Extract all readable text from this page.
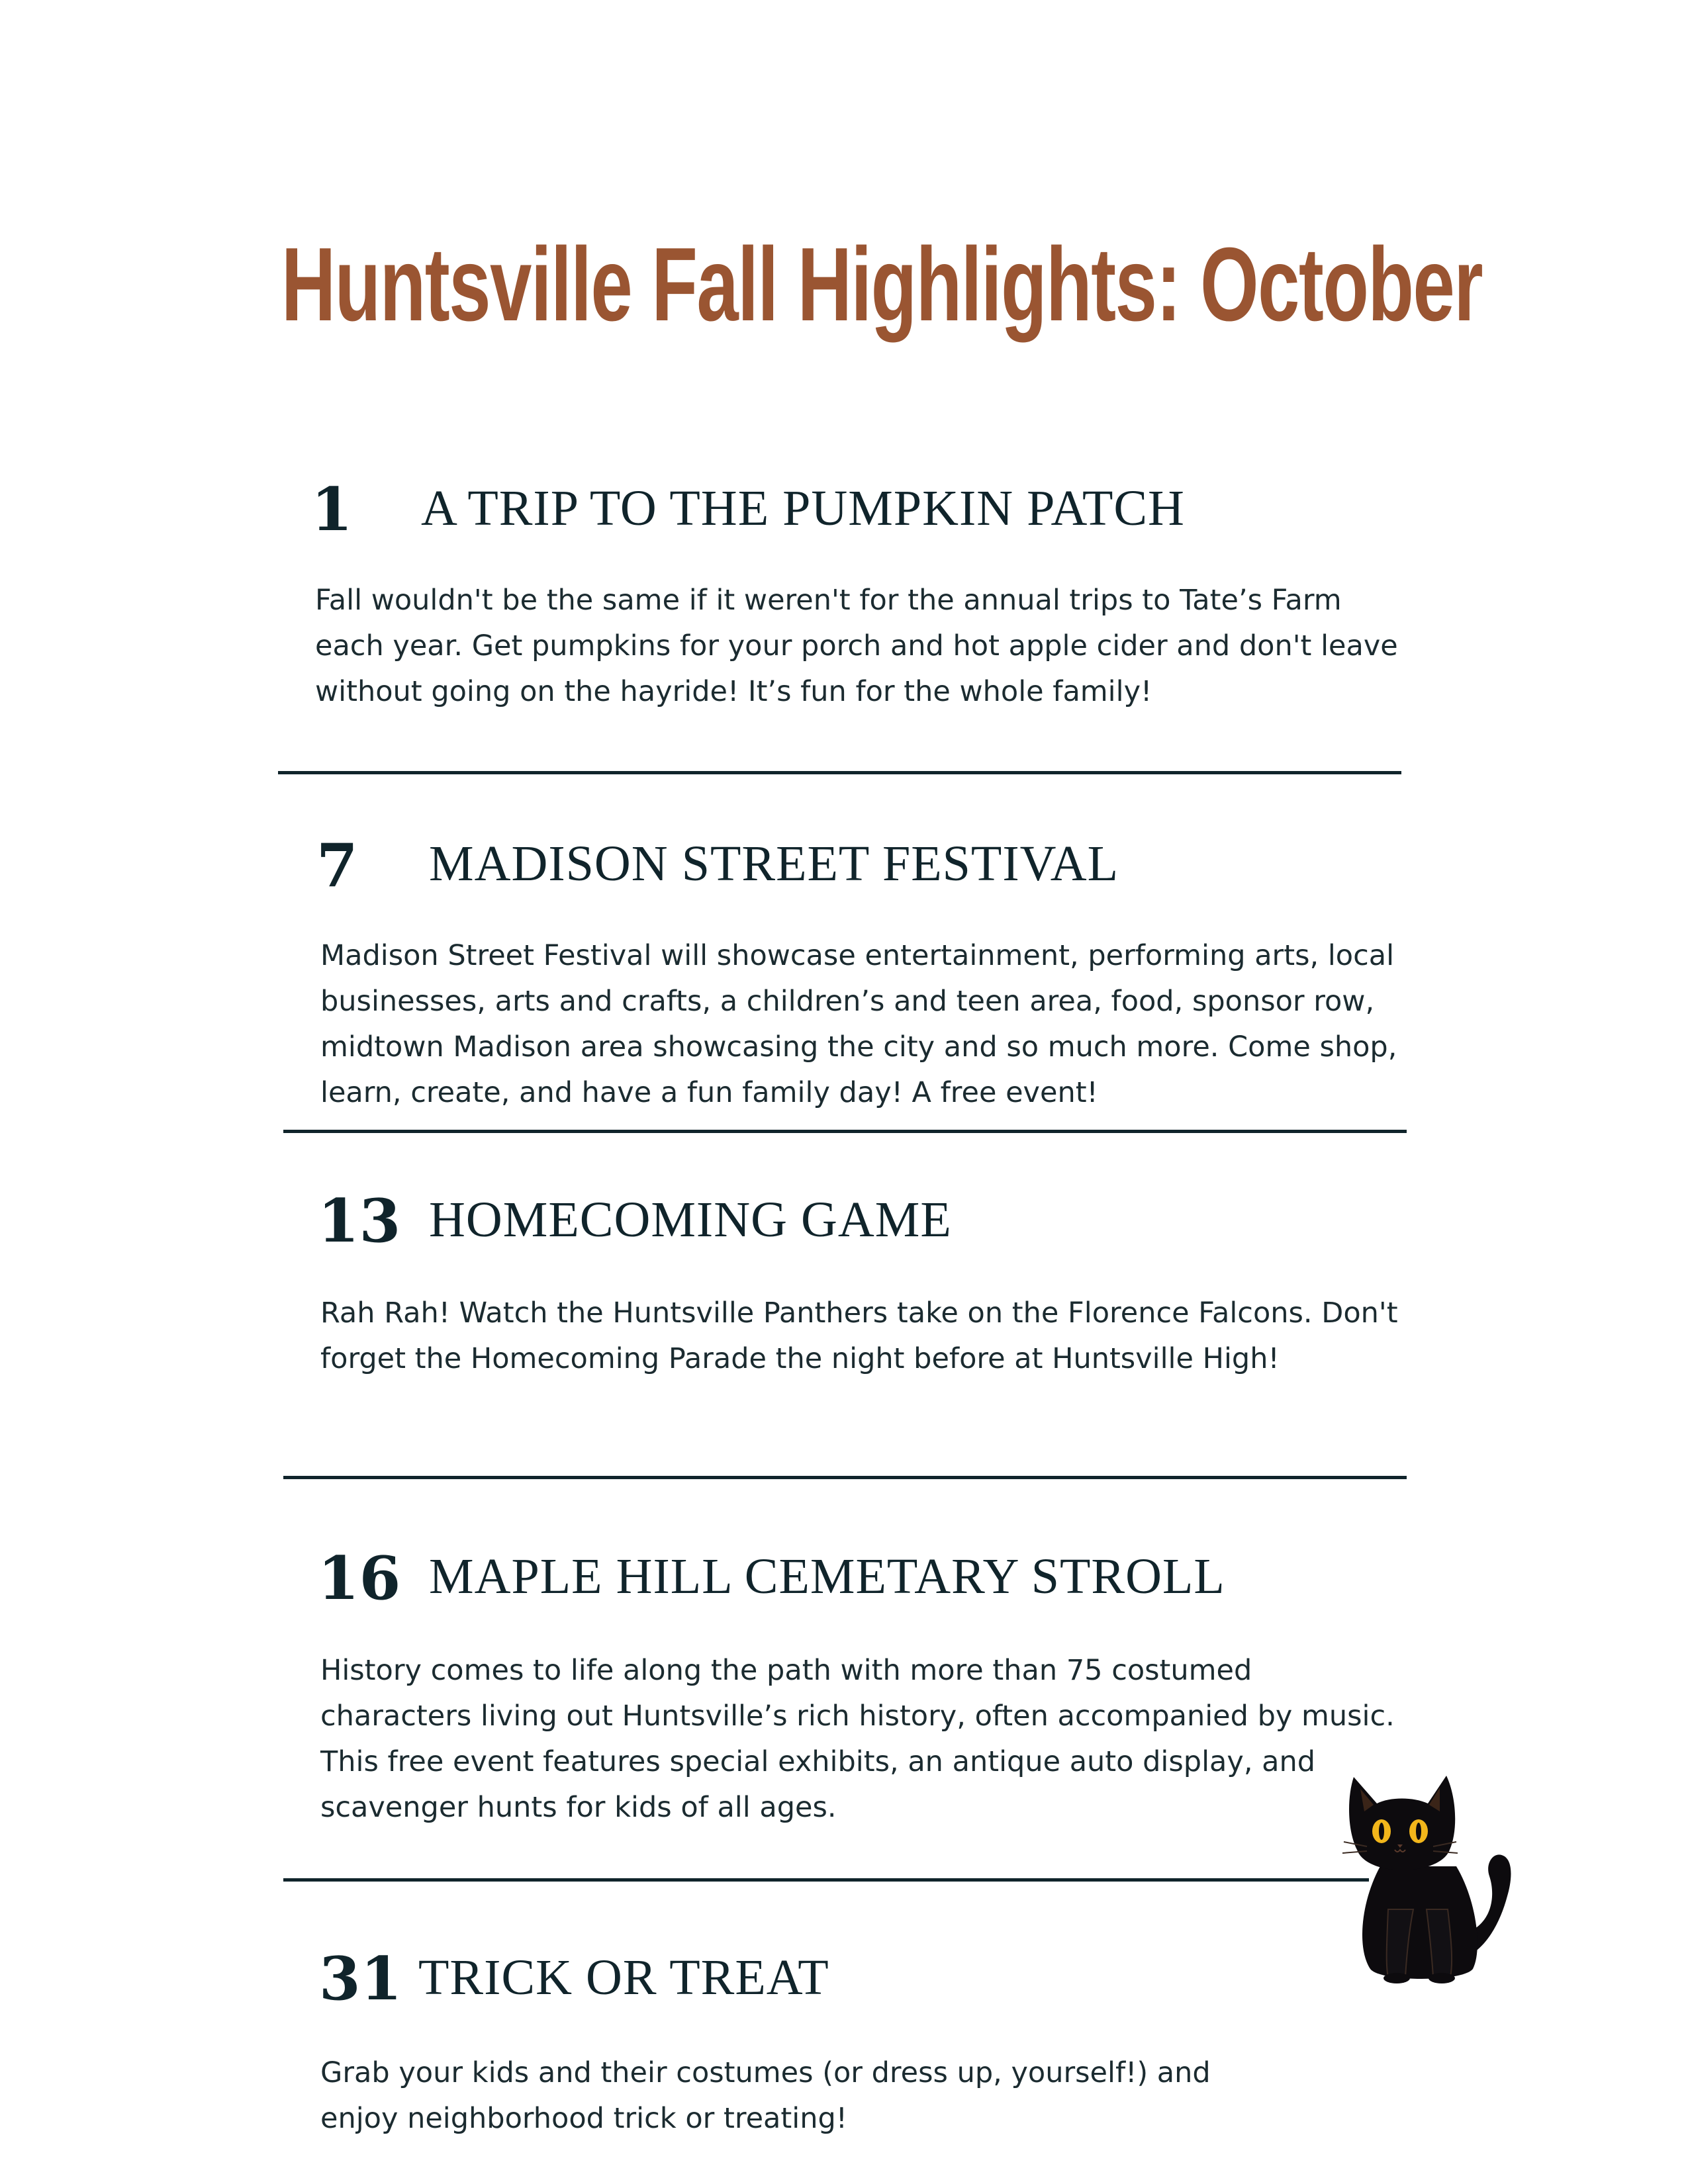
Huntsville Fall Highlights: October
1 A TRIP TO THE PUMPKIN PATCH

Fall wouldn't be the same if it weren't for the annual trips to Tate’s Farm each year. Get pumpkins for your porch and hot apple cider and don't leave without going on the hayride! It’s fun for the whole family!

7 MADISON STREET FESTIVAL

Madison Street Festival will showcase entertainment, performing arts, local businesses, arts and crafts, a children’s and teen area, food, sponsor row, midtown Madison area showcasing the city and so much more. Come shop, learn, create, and have a fun family day! A free event!

13 HOMECOMING GAME

Rah Rah! Watch the Huntsville Panthers take on the Florence Falcons. Don't forget the Homecoming Parade the night before at Huntsville High!

16 MAPLE HILL CEMETARY STROLL

History comes to life along the path with more than 75 costumed characters living out Huntsville’s rich history, often accompanied by music. This free event features special exhibits, an antique auto display, and scavenger hunts for kids of all ages.

31 TRICK OR TREAT

Grab your kids and their costumes (or dress up, yourself!) and enjoy neighborhood trick or treating!
